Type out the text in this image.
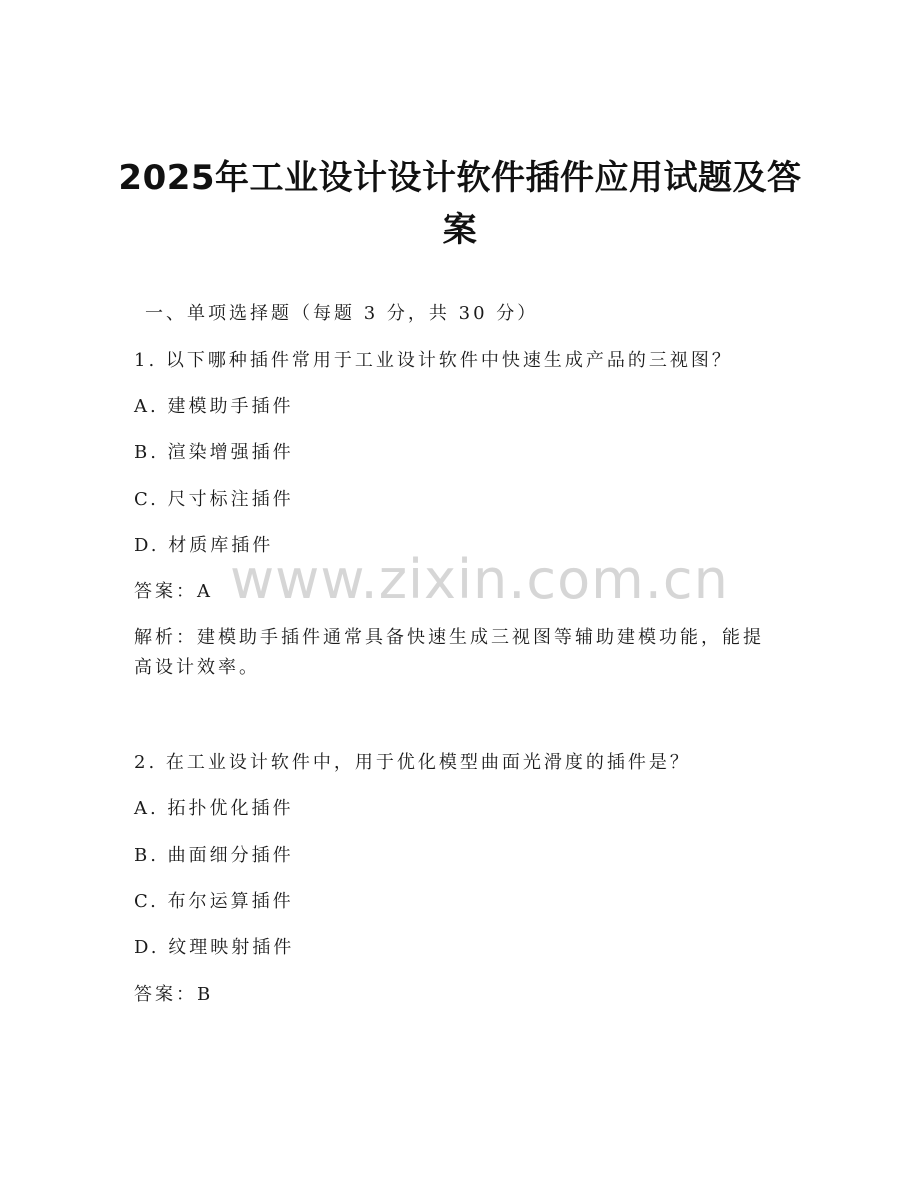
2025年工业设计设计软件插件应用试题及答案

一、单项选择题（每题 3 分，共 30 分）

1. 以下哪种插件常用于工业设计软件中快速生成产品的三视图？

A. 建模助手插件

B. 渲染增强插件

C. 尺寸标注插件

D. 材质库插件

答案：A

解析：建模助手插件通常具备快速生成三视图等辅助建模功能，能提高设计效率。

2. 在工业设计软件中，用于优化模型曲面光滑度的插件是？

A. 拓扑优化插件

B. 曲面细分插件

C. 布尔运算插件

D. 纹理映射插件

答案：B

www.zixin.com.cn
